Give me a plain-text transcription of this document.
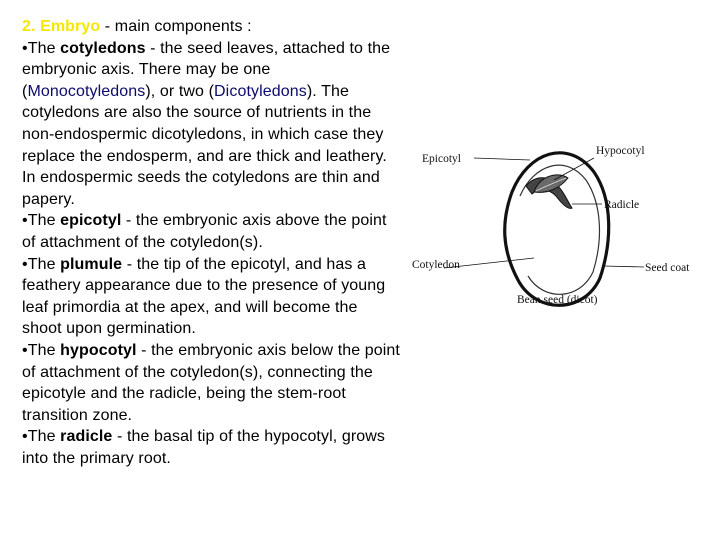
2. Embryo - main components :

•The cotyledons - the seed leaves, attached to the embryonic axis. There may be one (Monocotyledons), or two (Dicotyledons). The cotyledons are also the source of nutrients in the non-endospermic dicotyledons, in which case they replace the endosperm, and are thick and leathery. In endospermic seeds the cotyledons are thin and papery.

•The epicotyl - the embryonic axis above the point of attachment of the cotyledon(s).

•The plumule - the tip of the epicotyl, and has a feathery appearance due to the presence of young leaf primordia at the apex, and will become the shoot upon germination.

•The hypocotyl - the embryonic axis below the point of attachment of the cotyledon(s), connecting the epicotyle and the radicle, being the stem-root transition zone.

•The radicle - the basal tip of the hypocotyl, grows into the primary root.

Epicotyl
Hypocotyl
Radicle
Cotyledon	Seed coat
Bean seed (dicot)
